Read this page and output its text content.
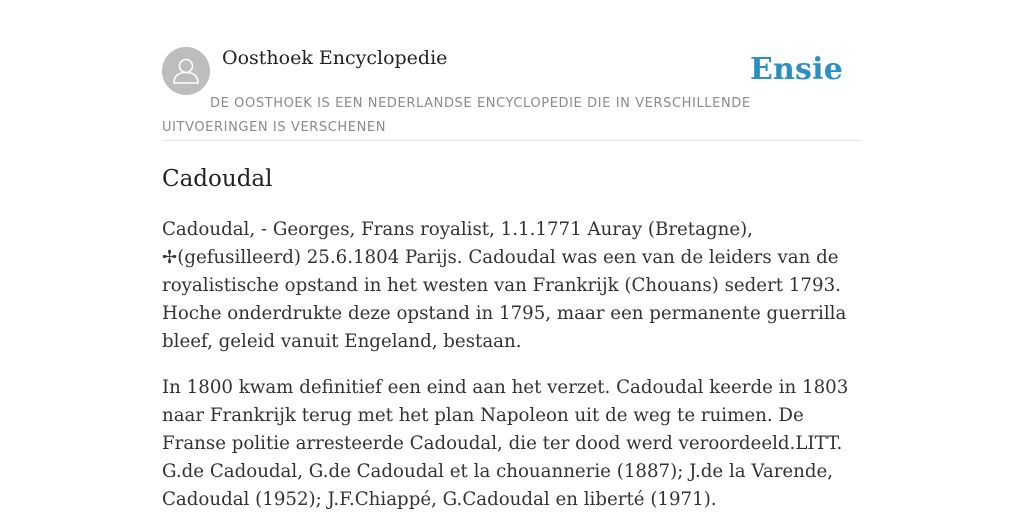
Oosthoek Encyclopedie	Ensie
DE OOSTHOEK IS EEN NEDERLANDSE ENCYCLOPEDIE DIE IN VERSCHILLENDE UITVOERINGEN IS VERSCHENEN
Cadoudal

Cadoudal, - Georges, Frans royalist, 1.1.1771 Auray (Bretagne), ✢(gefusilleerd) 25.6.1804 Parijs. Cadoudal was een van de leiders van de royalistische opstand in het westen van Frankrijk (Chouans) sedert 1793. Hoche onderdrukte deze opstand in 1795, maar een permanente guerrilla bleef, geleid vanuit Engeland, bestaan.

In 1800 kwam definitief een eind aan het verzet. Cadoudal keerde in 1803 naar Frankrijk terug met het plan Napoleon uit de weg te ruimen. De Franse politie arresteerde Cadoudal, die ter dood werd veroordeeld.LITT. G.de Cadoudal, G.de Cadoudal et la chouannerie (1887); J.de la Varende, Cadoudal (1952); J.F.Chiappé, G.Cadoudal en liberté (1971).
